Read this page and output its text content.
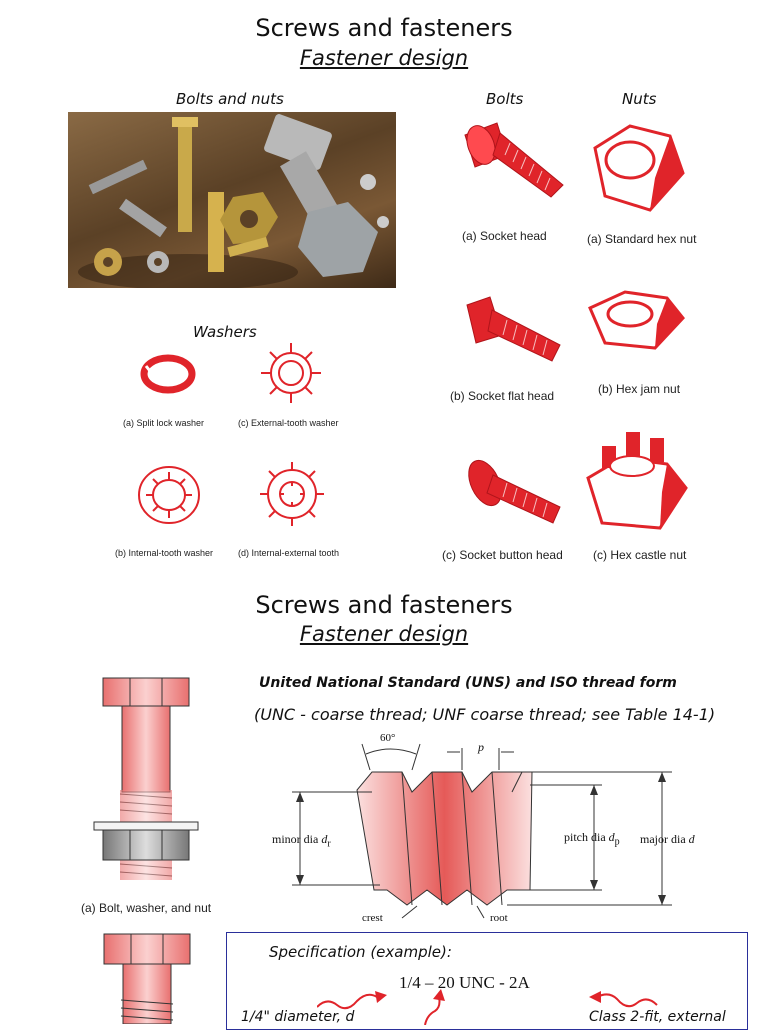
Screws and fasteners
Fastener design
Bolts and nuts	Bolts	Nuts
(a) Socket head
(b) Socket flat head
(c) Socket button head
(a) Standard hex nut
(b) Hex jam nut
(c) Hex castle nut
Washers
(a) Split lock washer	(c) External-tooth washer
(b) Internal-tooth washer	(d) Internal-external tooth
Screws and fasteners
Fastener design
United National Standard (UNS) and ISO thread form
(UNC - coarse thread; UNF coarse thread; see Table 14-1)
(a) Bolt, washer, and nut
60°
p
minor dia $d_r$	pitch dia $d_p$ major dia d
crest	root
Specification (example):
1/4 – 20 UNC - 2A
1/4" diameter, d	Class 2-fit, external
